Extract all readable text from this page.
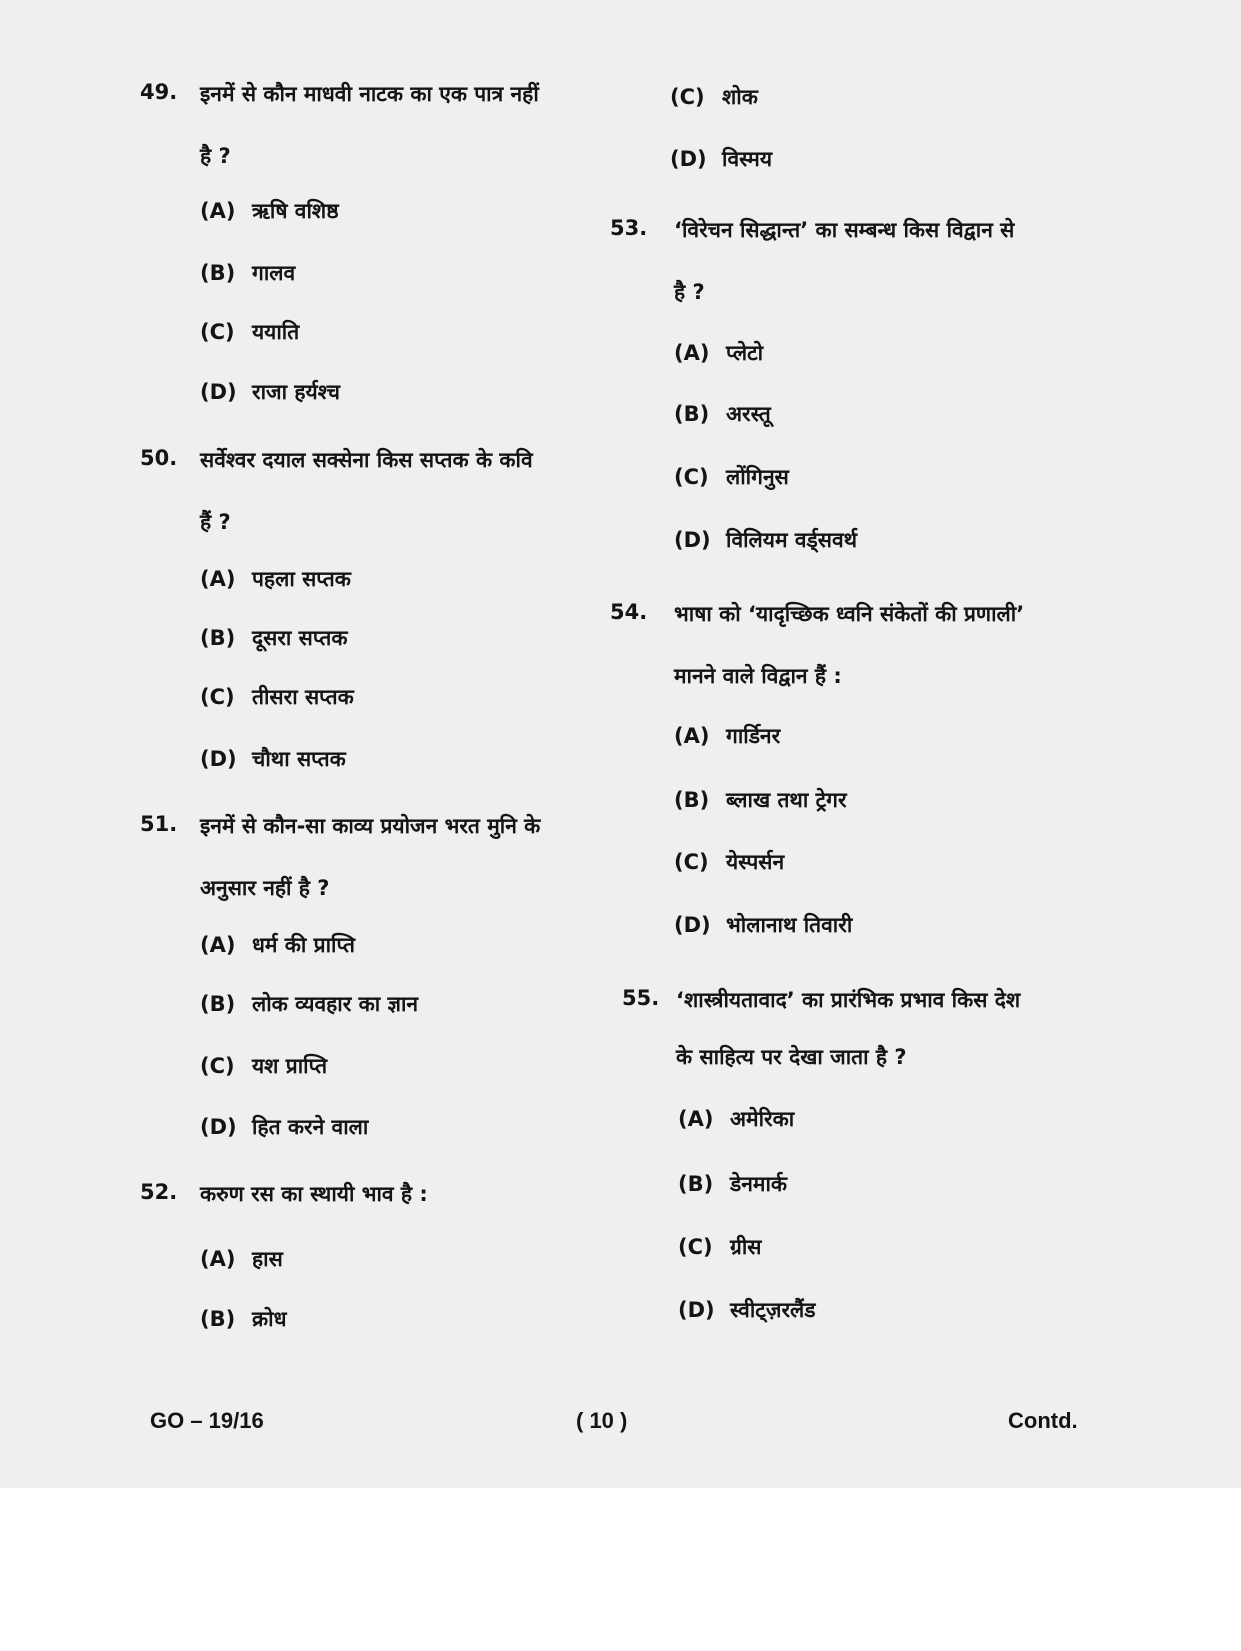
49. इनमें से कौन माधवी नाटक का एक पात्र नहीं
है ?
(A) ऋषि वशिष्ठ
(B) गालव
(C) ययाति
(D) राजा हर्यश्च
50. सर्वेश्वर दयाल सक्सेना किस सप्तक के कवि
हैं ?
(A) पहला सप्तक
(B) दूसरा सप्तक
(C) तीसरा सप्तक
(D) चौथा सप्तक
51. इनमें से कौन-सा काव्य प्रयोजन भरत मुनि के
अनुसार नहीं है ?
(A) धर्म की प्राप्ति
(B) लोक व्यवहार का ज्ञान
(C) यश प्राप्ति
(D) हित करने वाला
52. करुण रस का स्थायी भाव है :
(A) हास
(B) क्रोध
(C) शोक
(D) विस्मय
53. ‘विरेचन सिद्धान्त’ का सम्बन्ध किस विद्वान से
है ?
(A) प्लेटो
(B) अरस्तू
(C) लोंगिनुस
(D) विलियम वर्ड्सवर्थ
54. भाषा को ‘यादृच्छिक ध्वनि संकेतों की प्रणाली’
मानने वाले विद्वान हैं :
(A) गार्डिनर
(B) ब्लाख तथा ट्रेगर
(C) येस्पर्सन
(D) भोलानाथ तिवारी
55. ‘शास्त्रीयतावाद’ का प्रारंभिक प्रभाव किस देश
के साहित्य पर देखा जाता है ?
(A) अमेरिका
(B) डेनमार्क
(C) ग्रीस
(D) स्वीट्ज़रलैंड
GO – 19/16	( 10 )	Contd.
